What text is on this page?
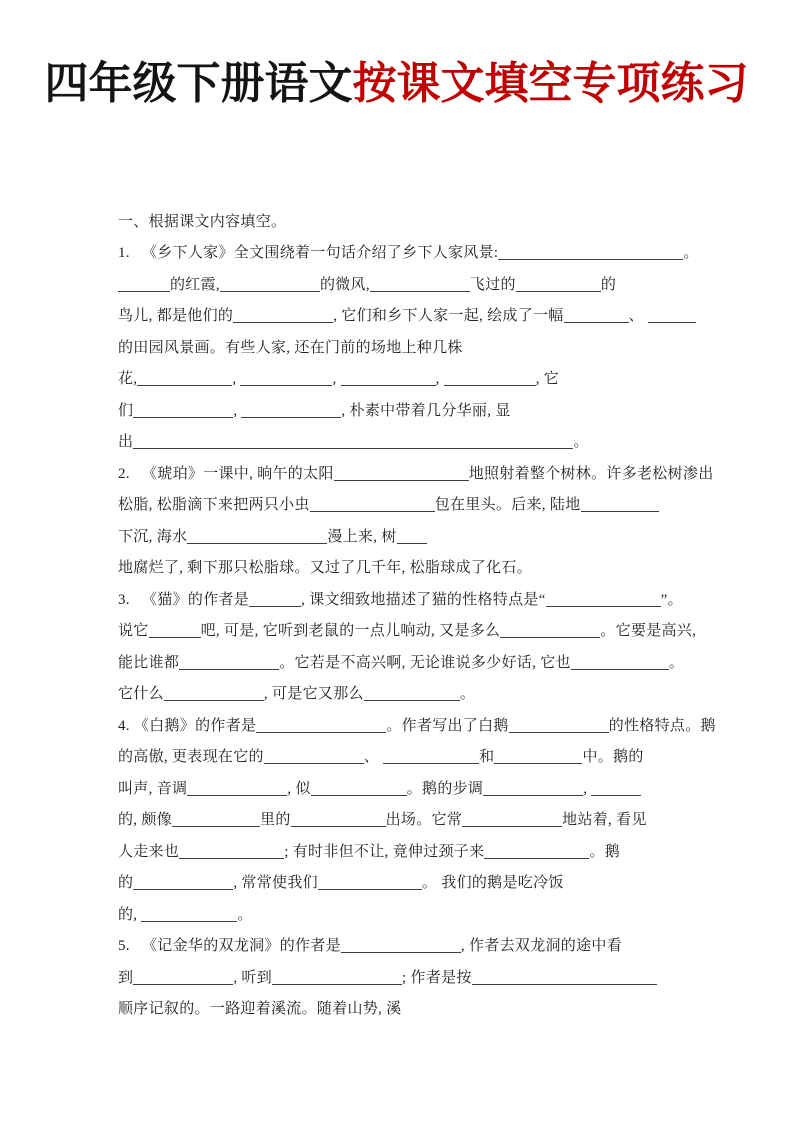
四年级下册语文按课文填空专项练习
一、根据课文内容填空。
1.   《乡下人家》全文围绕着一句话介绍了乡下人家风景:	。
的红霞,	的微风,	飞过的	的
鸟儿, 都是他们的	, 它们和乡下人家一起, 绘成了一幅	、
的田园风景画。有些人家, 还在门前的场地上种几株
花,	,	,	,	, 它
们	,	, 朴素中带着几分华丽, 显
出	。
2.   《琥珀》一课中, 晌午的太阳	地照射着整个树林。许多老松树渗出
松脂, 松脂滴下来把两只小虫	包在里头。后来, 陆地
下沉, 海水	漫上来, 树
地腐烂了, 剩下那只松脂球。又过了几千年, 松脂球成了化石。
3.   《猫》的作者是	, 课文细致地描述了猫的性格特点是“	”。
说它	吧, 可是, 它听到老鼠的一点儿响动, 又是多么	。它要是高兴,
能比谁都	。它若是不高兴啊, 无论谁说多少好话, 它也	。
它什么	, 可是它又那么	。
4. 《白鹅》的作者是	。作者写出了白鹅	的性格特点。鹅
的高傲, 更表现在它的	、	和	中。鹅的
叫声, 音调	, 似	。鹅的步调	,
的, 颇像	里的	出场。它常	地站着, 看见
人走来也	; 有时非但不让, 竟伸过颈子来	。鹅
的	, 常常使我们	。 我们的鹅是吃冷饭
的,	。
5.   《记金华的双龙洞》的作者是	, 作者去双龙洞的途中看
到	, 听到	; 作者是按
顺序记叙的。一路迎着溪流。随着山势, 溪
